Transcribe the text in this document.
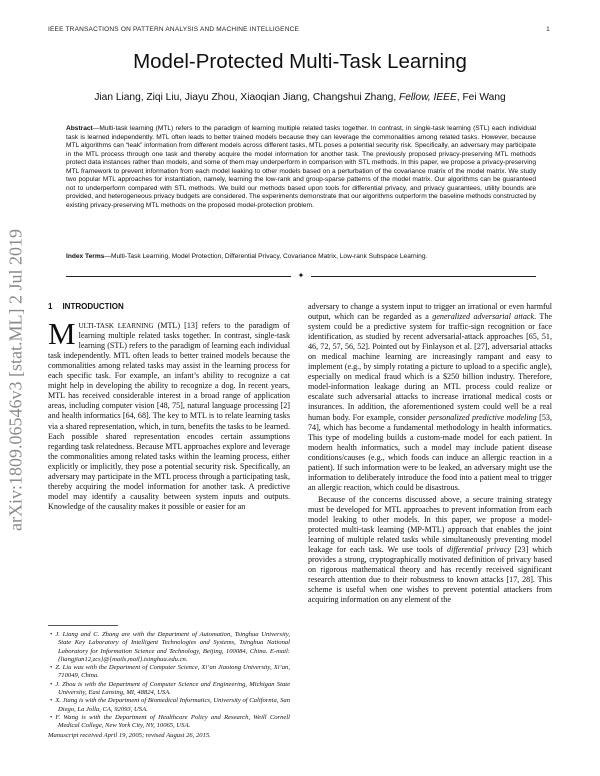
IEEE TRANSACTIONS ON PATTERN ANALYSIS AND MACHINE INTELLIGENCE	1
arXiv:1809.06546v3 [stat.ML] 2 Jul 2019
Model-Protected Multi-Task Learning
Jian Liang, Ziqi Liu, Jiayu Zhou, Xiaoqian Jiang, Changshui Zhang, Fellow, IEEE, Fei Wang
Abstract—Multi-task learning (MTL) refers to the paradigm of learning multiple related tasks together. In contrast, in single-task learning (STL) each individual task is learned independently. MTL often leads to better trained models because they can leverage the commonalities among related tasks. However, because MTL algorithms can “leak” information from different models across different tasks, MTL poses a potential security risk. Specifically, an adversary may participate in the MTL process through one task and thereby acquire the model information for another task. The previously proposed privacy-preserving MTL methods protect data instances rather than models, and some of them may underperform in comparison with STL methods. In this paper, we propose a privacy-preserving MTL framework to prevent information from each model leaking to other models based on a perturbation of the covariance matrix of the model matrix. We study two popular MTL approaches for instantiation, namely, learning the low-rank and group-sparse patterns of the model matrix. Our algorithms can be guaranteed not to underperform compared with STL methods. We build our methods based upon tools for differential privacy, and privacy guarantees, utility bounds are provided, and heterogeneous privacy budgets are considered. The experiments demonstrate that our algorithms outperform the baseline methods constructed by existing privacy-preserving MTL methods on the proposed model-protection problem.
Index Terms—Multi-Task Learning, Model Protection, Differential Privacy, Covariance Matrix, Low-rank Subspace Learning.
✦
1 INTRODUCTION

MULTI-TASK LEARNING (MTL) [13] refers to the paradigm of learning multiple related tasks together. In contrast, single-task learning (STL) refers to the paradigm of learning each individual task independently. MTL often leads to better trained models because the commonalities among related tasks may assist in the learning process for each specific task. For example, an infant’s ability to recognize a cat might help in developing the ability to recognize a dog. In recent years, MTL has received considerable interest in a broad range of application areas, including computer vision [48, 75], natural language processing [2] and health informatics [64, 68]. The key to MTL is to relate learning tasks via a shared representation, which, in turn, benefits the tasks to be learned. Each possible shared representation encodes certain assumptions regarding task relatedness. Because MTL approaches explore and leverage the commonalities among related tasks within the learning process, either explicitly or implicitly, they pose a potential security risk. Specifically, an adversary may participate in the MTL process through a participating task, thereby acquiring the model information for another task. A predictive model may identify a causality between system inputs and outputs. Knowledge of the causality makes it possible or easier for an

• J. Liang and C. Zhang are with the Department of Automation, Tsinghua University, State Key Laboratory of Intelligent Technologies and Systems, Tsinghua National Laboratory for Information Science and Technology, Beijing, 100084, China. E-mail: {liangjian12,zcs}@{mails,mail}.tsinghua.edu.cn.
• Z. Liu was with the Department of Computer Science, Xi’an Jiaotong University, Xi’an, 710049, China.
• J. Zhou is with the Department of Computer Science and Engineering, Michigan State University, East Lansing, MI, 48824, USA.
• X. Jiang is with the Department of Biomedical Informatics, University of California, San Diego, La Jolla, CA, 92093, USA.
• F. Wang is with the Department of Healthcare Policy and Research, Weill Cornell Medical College, New York City, NY, 10065, USA.
Manuscript received April 19, 2005; revised August 26, 2015.

adversary to change a system input to trigger an irrational or even harmful output, which can be regarded as a generalized adversarial attack. The system could be a predictive system for traffic-sign recognition or face identification, as studied by recent adversarial-attack approaches [65, 51, 46, 72, 57, 56, 52]. Pointed out by Finlayson et al. [27], adversarial attacks on medical machine learning are increasingly rampant and easy to implement (e.g., by simply rotating a picture to upload to a specific angle), especially on medical fraud which is a $250 billion industry. Therefore, model-information leakage during an MTL process could realize or escalate such adversarial attacks to increase irrational medical costs or insurances. In addition, the aforementioned system could well be a real human body. For example, consider personalized predictive modeling [53, 74], which has become a fundamental methodology in health informatics. This type of modeling builds a custom-made model for each patient. In modern health informatics, such a model may include patient disease conditions/causes (e.g., which foods can induce an allergic reaction in a patient). If such information were to be leaked, an adversary might use the information to deliberately introduce the food into a patient meal to trigger an allergic reaction, which could be disastrous.

Because of the concerns discussed above, a secure training strategy must be developed for MTL approaches to prevent information from each model leaking to other models. In this paper, we propose a model-protected multi-task learning (MP-MTL) approach that enables the joint learning of multiple related tasks while simultaneously preventing model leakage for each task. We use tools of differential privacy [23] which provides a strong, cryptographically motivated definition of privacy based on rigorous mathematical theory and has recently received significant research attention due to their robustness to known attacks [17, 28]. This scheme is useful when one wishes to prevent potential attackers from acquiring information on any element of the
